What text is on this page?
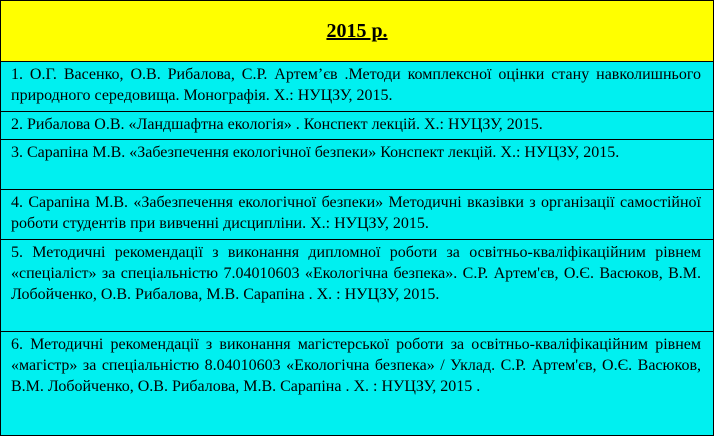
2015 р.
1. О.Г. Васенко, О.В. Рибалова, С.Р. Артем’єв .Методи комплексної оцінки стану навколишнього природного середовища. Монографія. Х.: НУЦЗУ, 2015.
2. Рибалова О.В. «Ландшафтна екологія» . Конспект лекцій. Х.: НУЦЗУ, 2015.
3. Сарапіна М.В. «Забезпечення екологічної безпеки» Конспект лекцій. Х.: НУЦЗУ, 2015.
4. Сарапіна М.В. «Забезпечення екологічної безпеки» Методичні вказівки з організації самостійної роботи студентів при вивченні дисципліни. Х.: НУЦЗУ, 2015.
5. Методичні рекомендації з виконання дипломної роботи за освітньо-кваліфікаційним рівнем «спеціаліст» за спеціальністю 7.04010603 «Екологічна безпека». С.Р. Артем'єв, О.Є. Васюков, В.М. Лобойченко, О.В. Рибалова, М.В. Сарапіна . Х. : НУЦЗУ, 2015.
6. Методичні рекомендації з виконання магістерської роботи за освітньо-кваліфікаційним рівнем «магістр» за спеціальністю 8.04010603 «Екологічна безпека» / Уклад. С.Р. Артем'єв, О.Є. Васюков, В.М. Лобойченко, О.В. Рибалова, М.В. Сарапіна . Х. : НУЦЗУ, 2015 .
